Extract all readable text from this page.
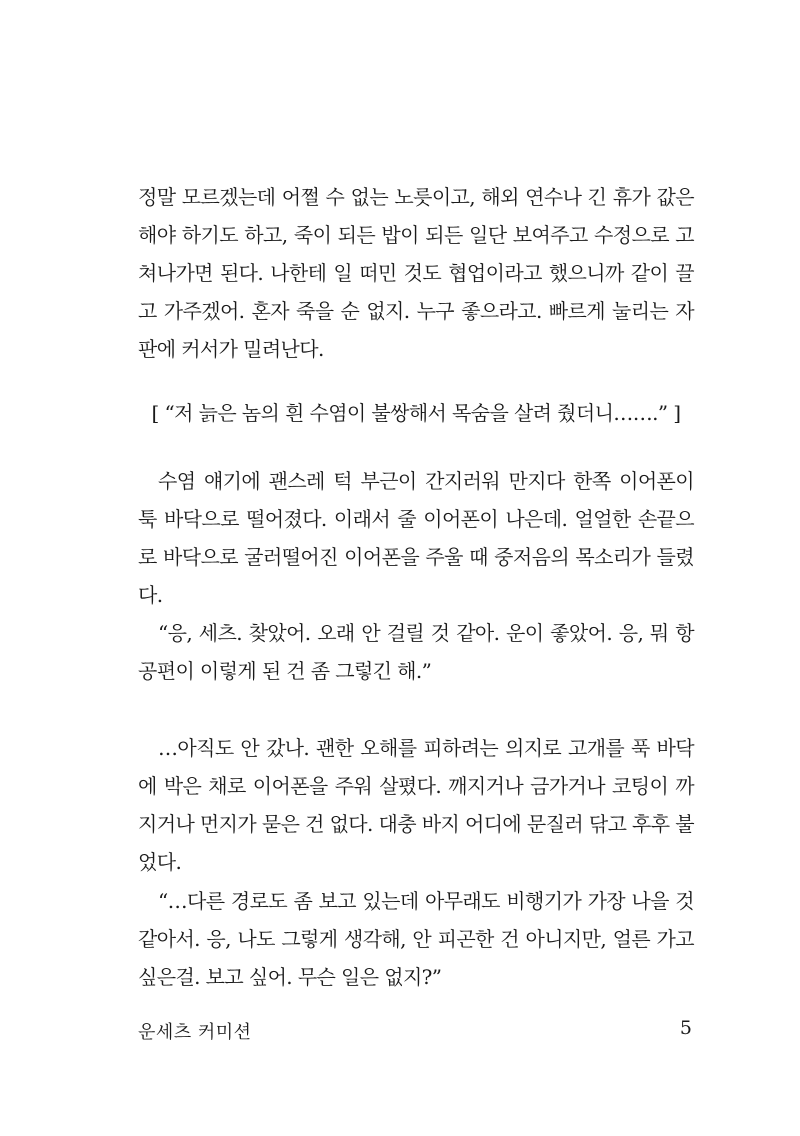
정말 모르겠는데 어쩔 수 없는 노릇이고, 해외 연수나 긴 휴가 값은 해야 하기도 하고, 죽이 되든 밥이 되든 일단 보여주고 수정으로 고쳐나가면 된다. 나한테 일 떠민 것도 협업이라고 했으니까 같이 끌고 가주겠어. 혼자 죽을 순 없지. 누구 좋으라고. 빠르게 눌리는 자판에 커서가 밀려난다.

[ “저 늙은 놈의 흰 수염이 불쌍해서 목숨을 살려 줬더니…….” ]

수염 얘기에 괜스레 턱 부근이 간지러워 만지다 한쪽 이어폰이 툭 바닥으로 떨어졌다. 이래서 줄 이어폰이 나은데. 얼얼한 손끝으로 바닥으로 굴러떨어진 이어폰을 주울 때 중저음의 목소리가 들렸다.

“응, 세츠. 찾았어. 오래 안 걸릴 것 같아. 운이 좋았어. 응, 뭐 항공편이 이렇게 된 건 좀 그렇긴 해.”

…아직도 안 갔나. 괜한 오해를 피하려는 의지로 고개를 푹 바닥에 박은 채로 이어폰을 주워 살폈다. 깨지거나 금가거나 코팅이 까지거나 먼지가 묻은 건 없다. 대충 바지 어디에 문질러 닦고 후후 불었다.

“…다른 경로도 좀 보고 있는데 아무래도 비행기가 가장 나을 것 같아서. 응, 나도 그렇게 생각해, 안 피곤한 건 아니지만, 얼른 가고 싶은걸. 보고 싶어. 무슨 일은 없지?”

운세츠 커미션	5
